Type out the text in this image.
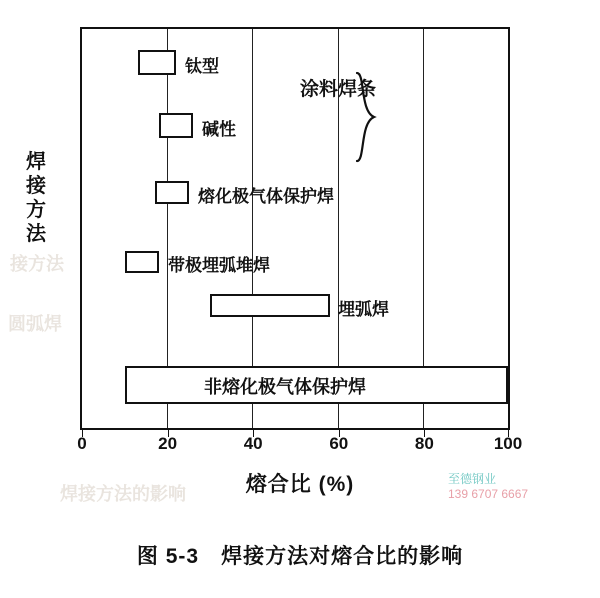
接方法
圆弧焊
焊接方法的影响
焊接方法
钛型
碱性
熔化极气体保护焊
带极埋弧堆焊
埋弧焊
非熔化极气体保护焊
涂料焊条
0	20	40	60	80	100
熔合比 (%)	至德钢业
139 6707 6667
图 5-3　焊接方法对熔合比的影响
